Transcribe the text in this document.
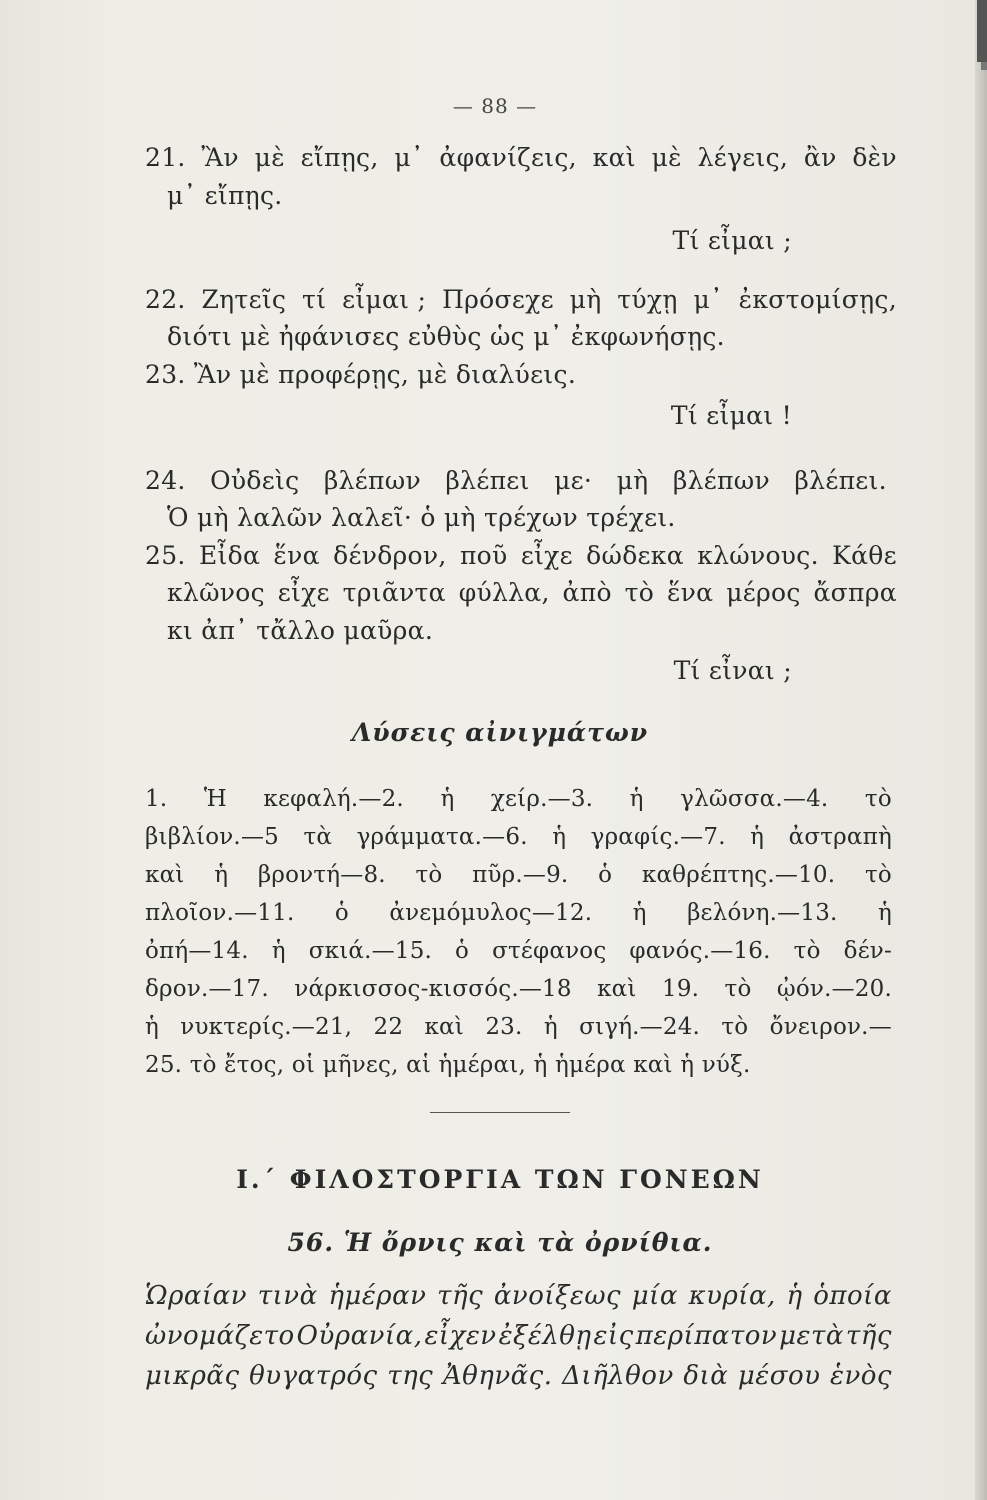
— 88 —
21. Ἂν μὲ εἴπῃς, μ᾽ ἀφανίζεις, καὶ μὲ λέγεις, ἂν δὲν
μ᾽ εἴπῃς.
Τί εἶμαι ;
22. Ζητεῖς τί εἶμαι ; Πρόσεχε μὴ τύχῃ μ᾽ ἐκστομίσῃς,
διότι μὲ ἠφάνισες εὐθὺς ὡς μ᾽ ἐκφωνήσῃς.
23. Ἂν μὲ προφέρῃς, μὲ διαλύεις.
Τί εἶμαι !
24. Οὐδεὶς βλέπων βλέπει με· μὴ βλέπων βλέπει.
Ὁ μὴ λαλῶν λαλεῖ· ὁ μὴ τρέχων τρέχει.
25. Εἶδα ἕνα δένδρον, ποῦ εἶχε δώδεκα κλώνους. Κάθε
κλῶνος εἶχε τριᾶντα φύλλα, ἀπὸ τὸ ἕνα μέρος ἄσπρα
κι ἀπ᾽ τἄλλο μαῦρα.
Τί εἶναι ;
Λύσεις αἰνιγμάτων
1. Ἡ κεφαλή.—2. ἡ χείρ.—3. ἡ γλῶσσα.—4. τὸ
βιβλίον.—5 τὰ γράμματα.—6. ἡ γραφίς.—7. ἡ ἀστραπὴ
καὶ ἡ βροντή—8. τὸ πῦρ.—9. ὁ καθρέπτης.—10. τὸ
πλοῖον.—11. ὁ ἀνεμόμυλος—12. ἡ βελόνη.—13. ἡ
ὀπή—14. ἡ σκιά.—15. ὁ στέφανος φανός.—16. τὸ δέν-
δρον.—17. νάρκισσος-κισσός.—18 καὶ 19. τὸ ᾠόν.—20.
ἡ νυκτερίς.—21, 22 καὶ 23. ἡ σιγή.—24. τὸ ὄνειρον.—
25. τὸ ἔτος, οἱ μῆνες, αἱ ἡμέραι, ἡ ἡμέρα καὶ ἡ νύξ.
Ι.΄ ΦΙΛΟΣΤΟΡΓΙΑ ΤΩΝ ΓΟΝΕΩΝ
56. Ἡ ὄρνις καὶ τὰ ὀρνίθια.
Ὡραίαν τινὰ ἡμέραν τῆς ἀνοίξεως μία κυρία, ἡ ὁποία
ὠνομάζετο Οὐρανία, εἶχεν ἐξέλθῃ εἰς περίπατον μετὰ τῆς
μικρᾶς θυγατρός της Ἀθηνᾶς. Διῆλθον διὰ μέσου ἑνὸς
